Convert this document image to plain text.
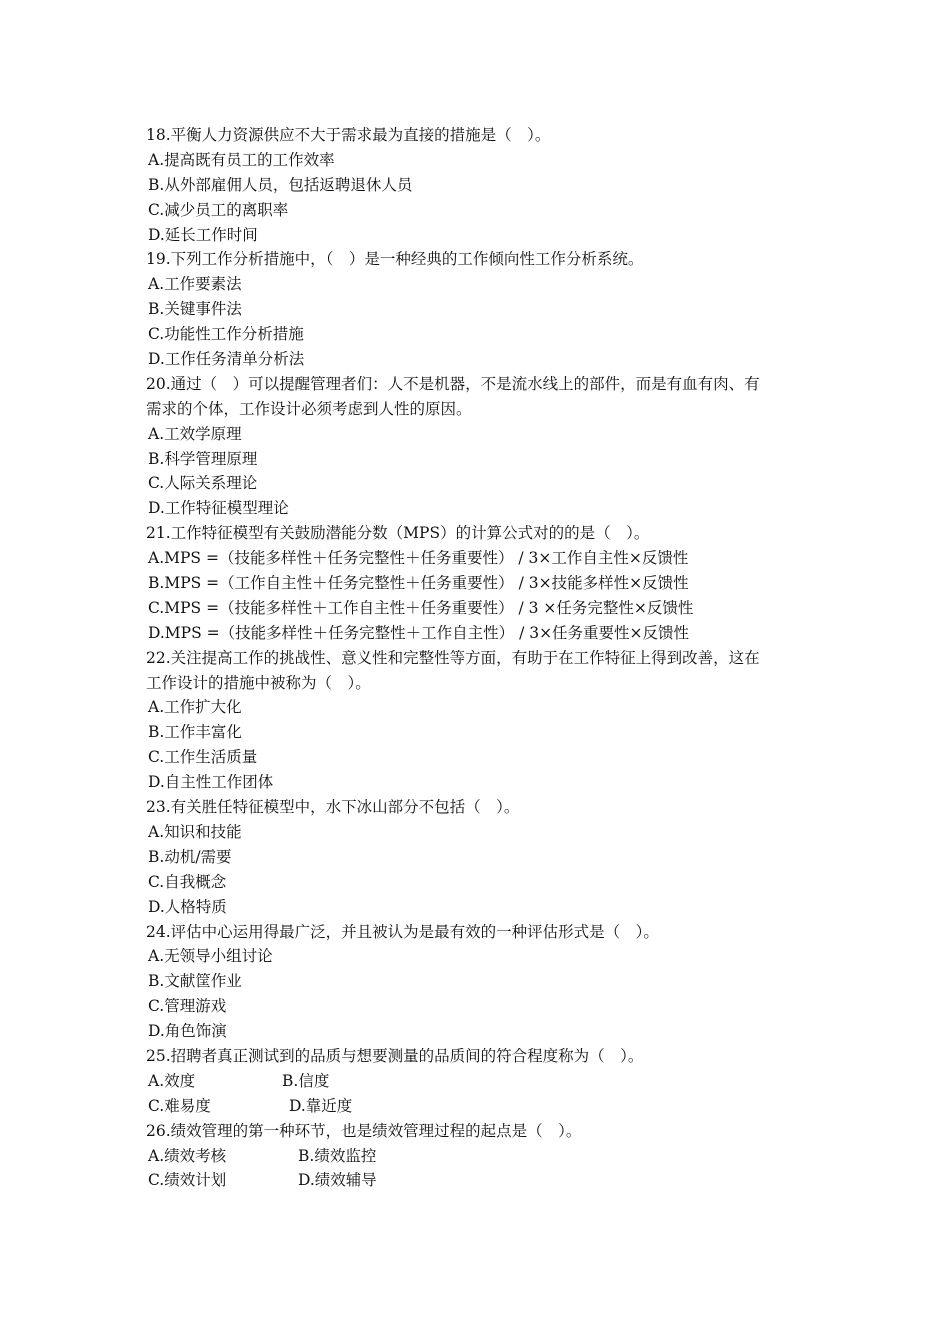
18.平衡人力资源供应不大于需求最为直接的措施是（　）。
A.提高既有员工的工作效率
B.从外部雇佣人员，包括返聘退休人员
C.减少员工的离职率
D.延长工作时间
19.下列工作分析措施中，（　）是一种经典的工作倾向性工作分析系统。
A.工作要素法
B.关键事件法
C.功能性工作分析措施
D.工作任务清单分析法
20.通过（　）可以提醒管理者们：人不是机器，不是流水线上的部件，而是有血有肉、有
需求的个体，工作设计必须考虑到人性的原因。
A.工效学原理
B.科学管理原理
C.人际关系理论
D.工作特征模型理论
21.工作特征模型有关鼓励潜能分数（MPS）的计算公式对的的是（　）。
A.MPS =（技能多样性＋任务完整性＋任务重要性） / 3×工作自主性×反馈性
B.MPS =（工作自主性＋任务完整性＋任务重要性） / 3×技能多样性×反馈性
C.MPS =（技能多样性＋工作自主性＋任务重要性） / 3 ×任务完整性×反馈性
D.MPS =（技能多样性＋任务完整性＋工作自主性） / 3×任务重要性×反馈性
22.关注提高工作的挑战性、意义性和完整性等方面，有助于在工作特征上得到改善，这在
工作设计的措施中被称为（　）。
A.工作扩大化
B.工作丰富化
C.工作生活质量
D.自主性工作团体
23.有关胜任特征模型中，水下冰山部分不包括（　）。
A.知识和技能
B.动机/需要
C.自我概念
D.人格特质
24.评估中心运用得最广泛，并且被认为是最有效的一种评估形式是（　）。
A.无领导小组讨论
B.文献筐作业
C.管理游戏
D.角色饰演
25.招聘者真正测试到的品质与想要测量的品质间的符合程度称为（　）。
A.效度	B.信度
C.难易度	D.靠近度
26.绩效管理的第一种环节，也是绩效管理过程的起点是（　）。
A.绩效考核	B.绩效监控
C.绩效计划	D.绩效辅导
